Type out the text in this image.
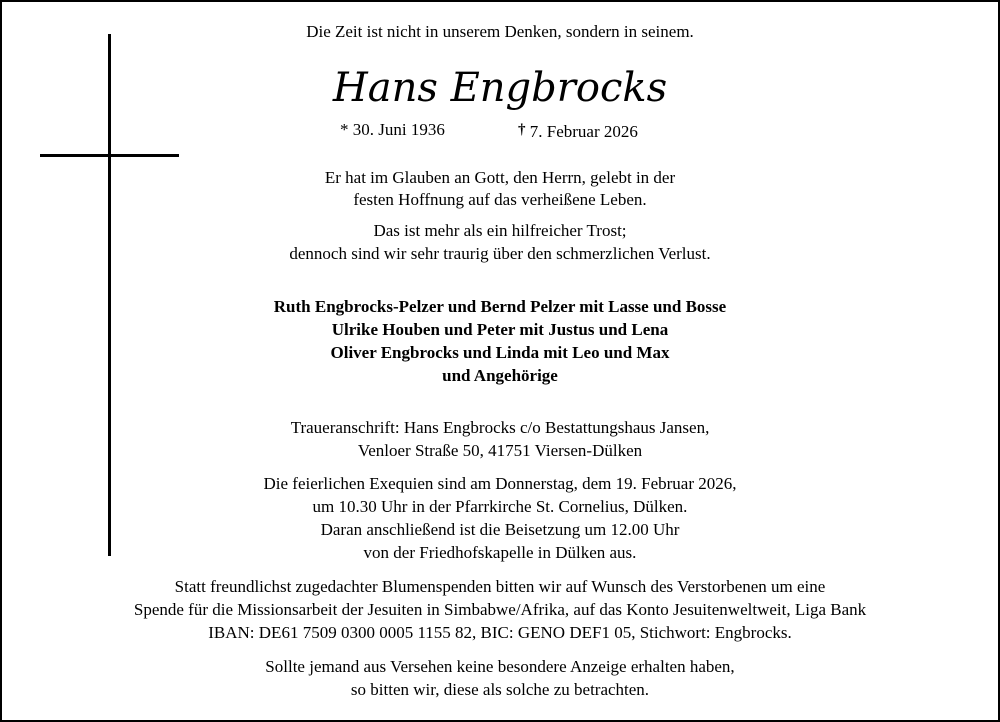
Die Zeit ist nicht in unserem Denken, sondern in seinem.
Hans Engbrocks
* 30. Juni 1936	† 7. Februar 2026
Er hat im Glauben an Gott, den Herrn, gelebt in der
festen Hoffnung auf das verheißene Leben.
Das ist mehr als ein hilfreicher Trost;
dennoch sind wir sehr traurig über den schmerzlichen Verlust.
Ruth Engbrocks-Pelzer und Bernd Pelzer mit Lasse und Bosse
Ulrike Houben und Peter mit Justus und Lena
Oliver Engbrocks und Linda mit Leo und Max
und Angehörige
Traueranschrift: Hans Engbrocks c/o Bestattungshaus Jansen,
Venloer Straße 50, 41751 Viersen-Dülken
Die feierlichen Exequien sind am Donnerstag, dem 19. Februar 2026,
um 10.30 Uhr in der Pfarrkirche St. Cornelius, Dülken.
Daran anschließend ist die Beisetzung um 12.00 Uhr
von der Friedhofskapelle in Dülken aus.
Statt freundlichst zugedachter Blumenspenden bitten wir auf Wunsch des Verstorbenen um eine
Spende für die Missionsarbeit der Jesuiten in Simbabwe/Afrika, auf das Konto Jesuitenweltweit, Liga Bank
IBAN: DE61 7509 0300 0005 1155 82, BIC: GENO DEF1 05, Stichwort: Engbrocks.
Sollte jemand aus Versehen keine besondere Anzeige erhalten haben,
so bitten wir, diese als solche zu betrachten.
